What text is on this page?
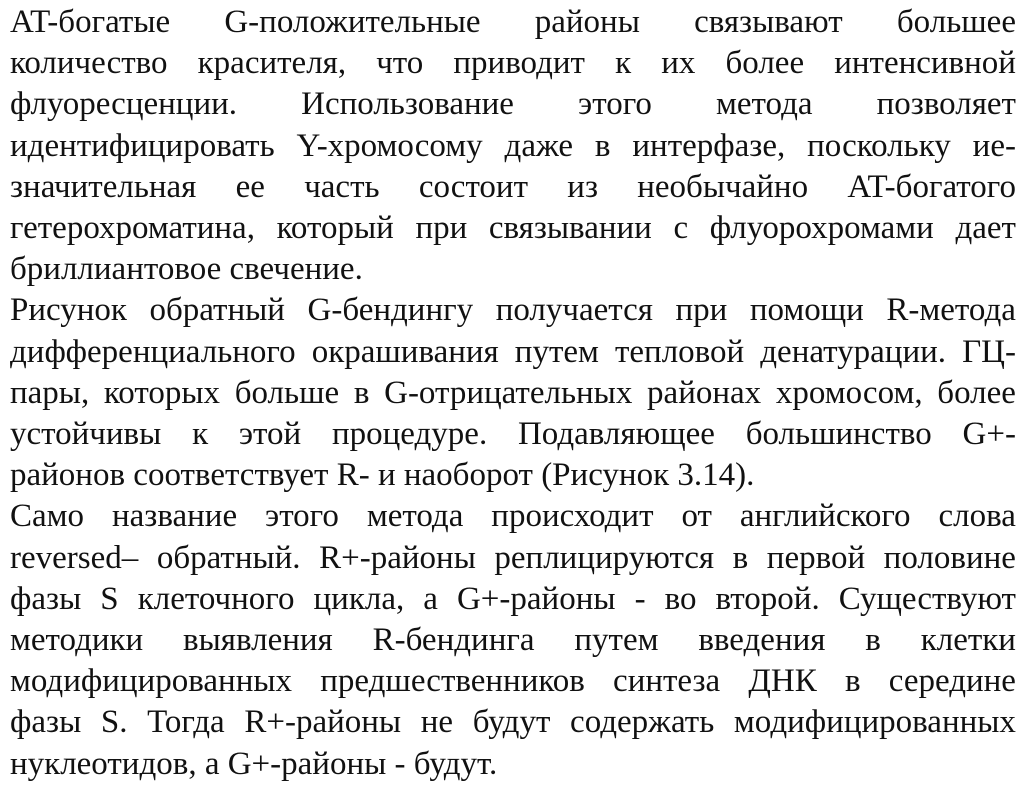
AT-богатые G-положительные районы связывают большее
количество красителя, что приводит к их более интенсивной
флуоресценции. Использование этого метода позволяет
идентифицировать Y-хромосому даже в интерфазе, поскольку ие-
значительная ее часть состоит из необычайно AT-богатого
гетерохроматина, который при связывании с флуорохромами дает
бриллиантовое свечение.
Рисунок обратный G-бендингу получается при помощи R-метода
дифференциального окрашивания путем тепловой денатурации. ГЦ-
пары, которых больше в G-отрицательных районах хромосом, более
устойчивы к этой процедуре. Подавляющее большинство G+-
районов соответствует R- и наоборот (Рисунок 3.14).
Само название этого метода происходит от английского слова
reversed– обратный. R+-районы реплицируются в первой половине
фазы S клеточного цикла, а G+-районы - во второй. Существуют
методики выявления R-бендинга путем введения в клетки
модифицированных предшественников синтеза ДНК в середине
фазы S. Тогда R+-районы не будут содержать модифицированных
нуклеотидов, а G+-районы - будут.
